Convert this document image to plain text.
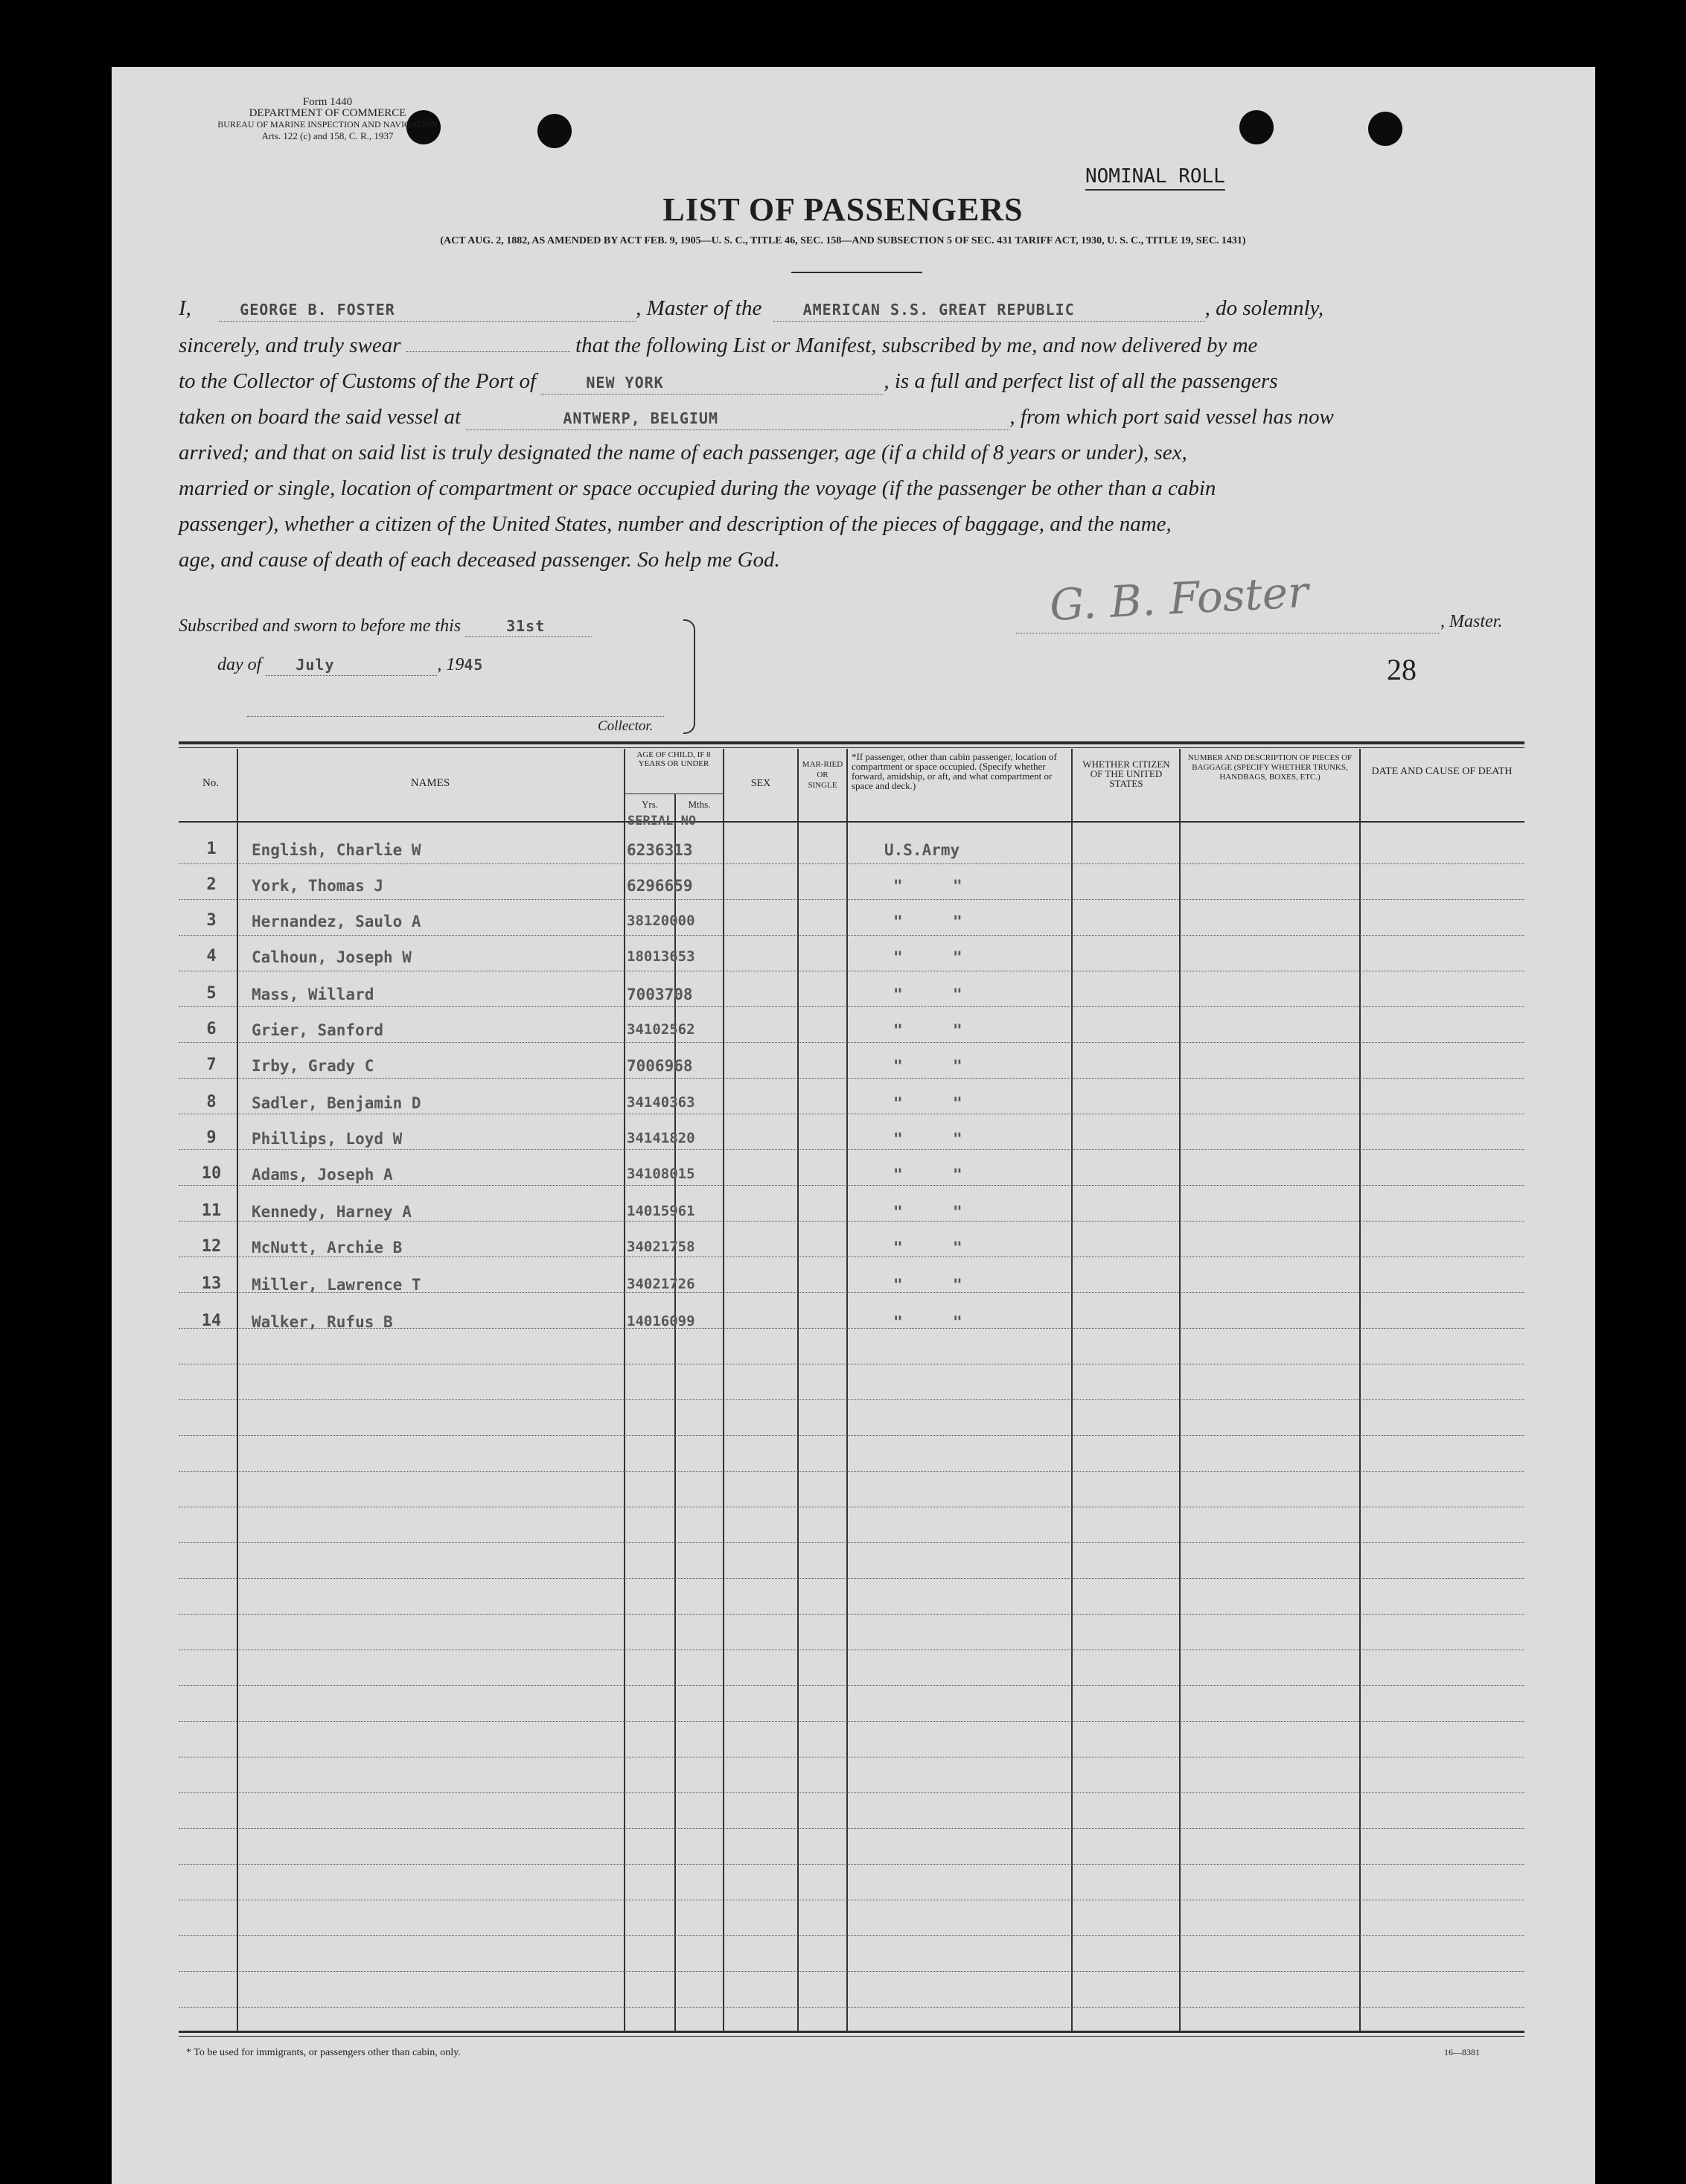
Form 1440
DEPARTMENT OF COMMERCE
BUREAU OF MARINE INSPECTION AND NAVIGATION
Arts. 122 (c) and 158, C. R., 1937
NOMINAL ROLL
LIST OF PASSENGERS
(ACT AUG. 2, 1882, AS AMENDED BY ACT FEB. 9, 1905—U. S. C., TITLE 46, SEC. 158—AND SUBSECTION 5 OF SEC. 431 TARIFF ACT, 1930, U. S. C., TITLE 19, SEC. 1431)
I,	GEORGE B. FOSTER	, Master of the	AMERICAN S.S. GREAT REPUBLIC	, do solemnly,
sincerely, and truly swear	that the following List or Manifest, subscribed by me, and now delivered by me
to the Collector of Customs of the Port of	NEW YORK	, is a full and perfect list of all the passengers
taken on board the said vessel at	ANTWERP, BELGIUM	, from which port said vessel has now
arrived; and that on said list is truly designated the name of each passenger, age (if a child of 8 years or under), sex,
married or single, location of compartment or space occupied during the voyage (if the passenger be other than a cabin
passenger), whether a citizen of the United States, number and description of the pieces of baggage, and the name,
age, and cause of death of each deceased passenger. So help me God.
Subscribed and sworn to before me this	31st
day of July	, 1945
Collector.
G. B. Foster	, Master.
28
No.	NAMES
AGE OF CHILD, IF 8 YEARS OR UNDER
Yrs.	Mths.
SEX
MAR-RIED OR SINGLE
*If passenger, other than cabin passenger, location of compartment or space occupied. (Specify whether forward, amidship, or aft, and what compartment or space and deck.)
WHETHER CITIZEN OF THE UNITED STATES
NUMBER AND DESCRIPTION OF PIECES OF BAGGAGE (SPECIFY WHETHER TRUNKS, HANDBAGS, BOXES, ETC.)	DATE AND CAUSE OF DEATH
SERIAL NO
1	English, Charlie W	6236313	U.S.Army
2	York, Thomas J	6296659	"	"
3	Hernandez, Saulo A	38120000	"	"
4	Calhoun, Joseph W	18013653	"	"
5	Mass, Willard	7003708	"	"
6	Grier, Sanford	34102562	"	"
7	Irby, Grady C	7006968	"	"
8	Sadler, Benjamin D	34140363	"	"
9	Phillips, Loyd W	34141820	"	"
10	Adams, Joseph A	34108015	"	"
11	Kennedy, Harney A	14015961	"	"
12	McNutt, Archie B	34021758	"	"
13	Miller, Lawrence T	34021726	"	"
14	Walker, Rufus B	14016099	"	"
* To be used for immigrants, or passengers other than cabin, only.	16—8381
